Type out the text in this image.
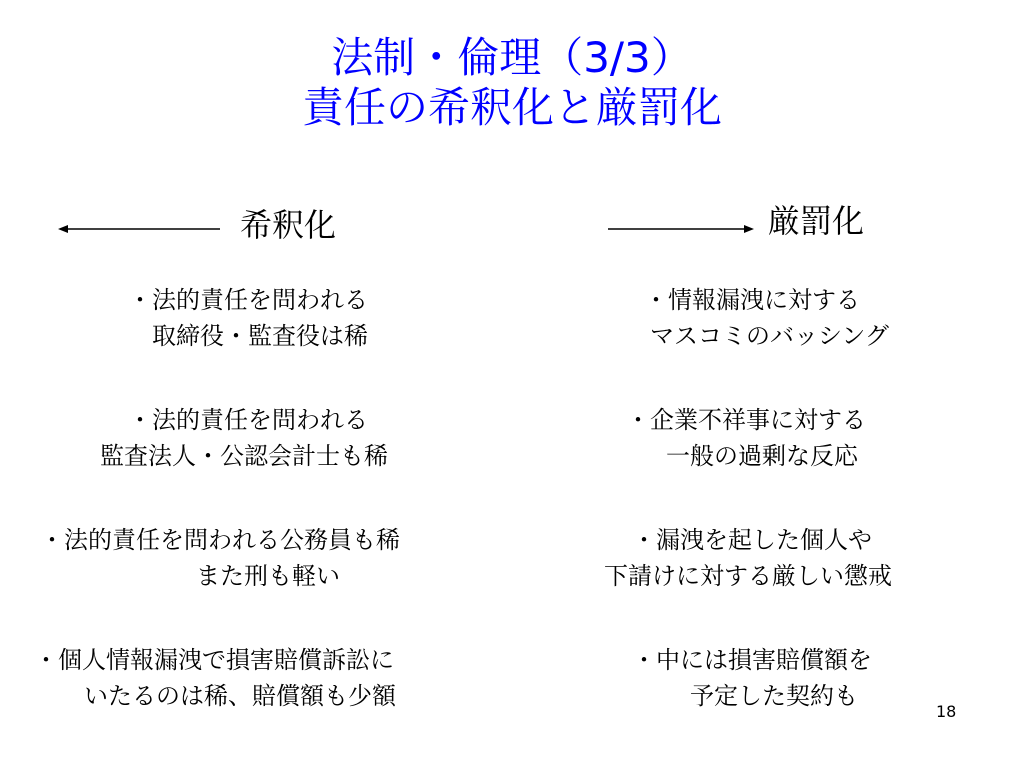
法制・倫理（3/3）
責任の希釈化と厳罰化
希釈化	厳罰化
・法的責任を問われる
取締役・監査役は稀
・法的責任を問われる
監査法人・公認会計士も稀
・法的責任を問われる公務員も稀
また刑も軽い
・個人情報漏洩で損害賠償訴訟に
いたるのは稀、賠償額も少額
・情報漏洩に対する
マスコミのバッシング
・企業不祥事に対する
一般の過剰な反応
・漏洩を起した個人や
下請けに対する厳しい懲戒
・中には損害賠償額を
予定した契約も
18
